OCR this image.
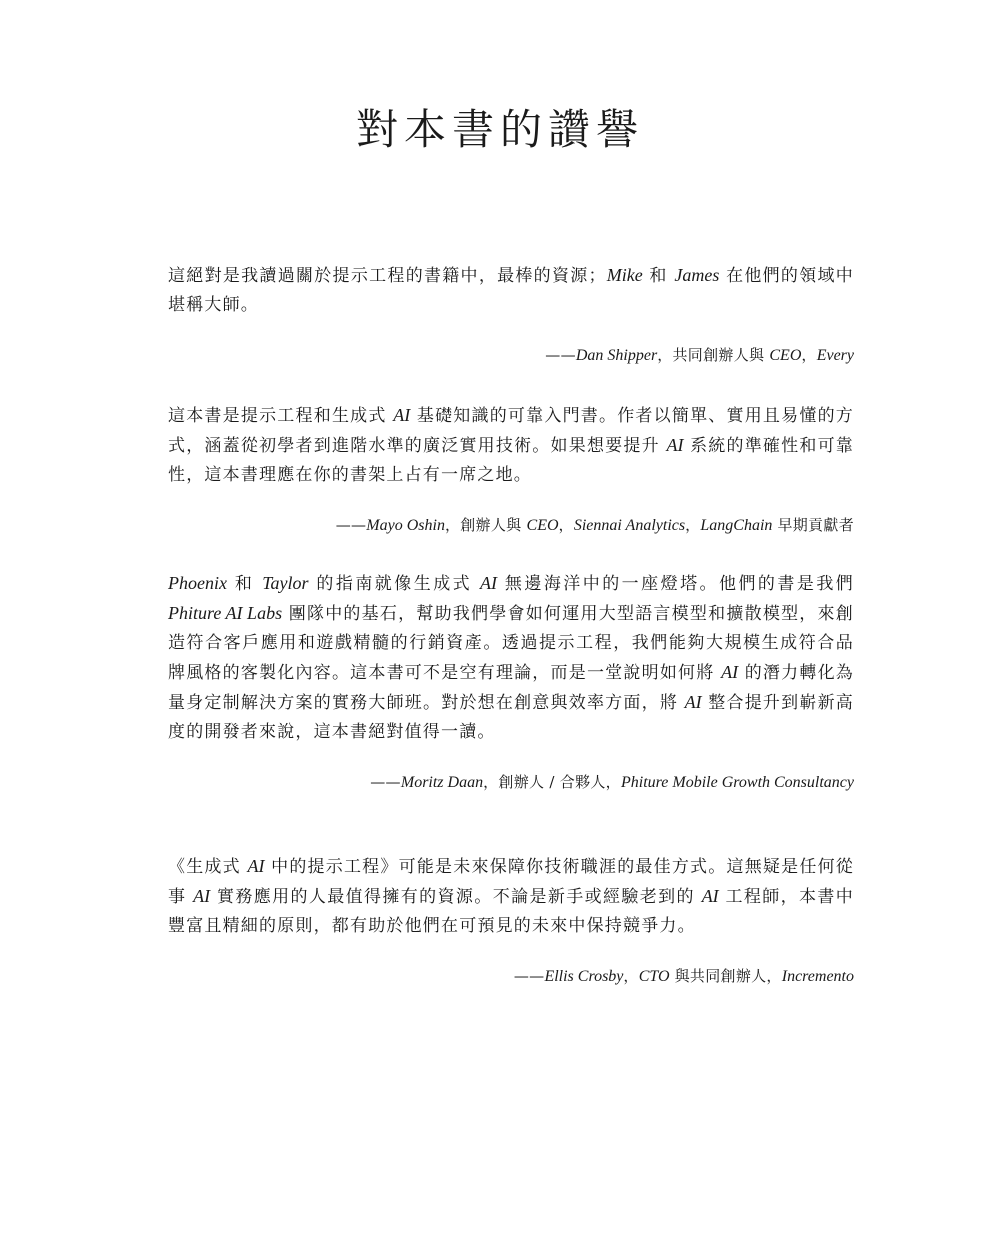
對本書的讚譽

這絕對是我讀過關於提示工程的書籍中，最棒的資源；Mike 和 James 在他們的領域中堪稱大師。

——Dan Shipper，共同創辦人與 CEO，Every

這本書是提示工程和生成式 AI 基礎知識的可靠入門書。作者以簡單、實用且易懂的方式，涵蓋從初學者到進階水準的廣泛實用技術。如果想要提升 AI 系統的準確性和可靠性，這本書理應在你的書架上占有一席之地。

——Mayo Oshin，創辦人與 CEO，Siennai Analytics，LangChain 早期貢獻者

Phoenix 和 Taylor 的指南就像生成式 AI 無邊海洋中的一座燈塔。他們的書是我們 Phiture AI Labs 團隊中的基石，幫助我們學會如何運用大型語言模型和擴散模型，來創造符合客戶應用和遊戲精髓的行銷資產。透過提示工程，我們能夠大規模生成符合品牌風格的客製化內容。這本書可不是空有理論，而是一堂說明如何將 AI 的潛力轉化為量身定制解決方案的實務大師班。對於想在創意與效率方面，將 AI 整合提升到嶄新高度的開發者來說，這本書絕對值得一讀。

——Moritz Daan，創辦人 / 合夥人，Phiture Mobile Growth Consultancy

《生成式 AI 中的提示工程》可能是未來保障你技術職涯的最佳方式。這無疑是任何從事 AI 實務應用的人最值得擁有的資源。不論是新手或經驗老到的 AI 工程師，本書中豐富且精細的原則，都有助於他們在可預見的未來中保持競爭力。

——Ellis Crosby，CTO 與共同創辦人，Incremento
